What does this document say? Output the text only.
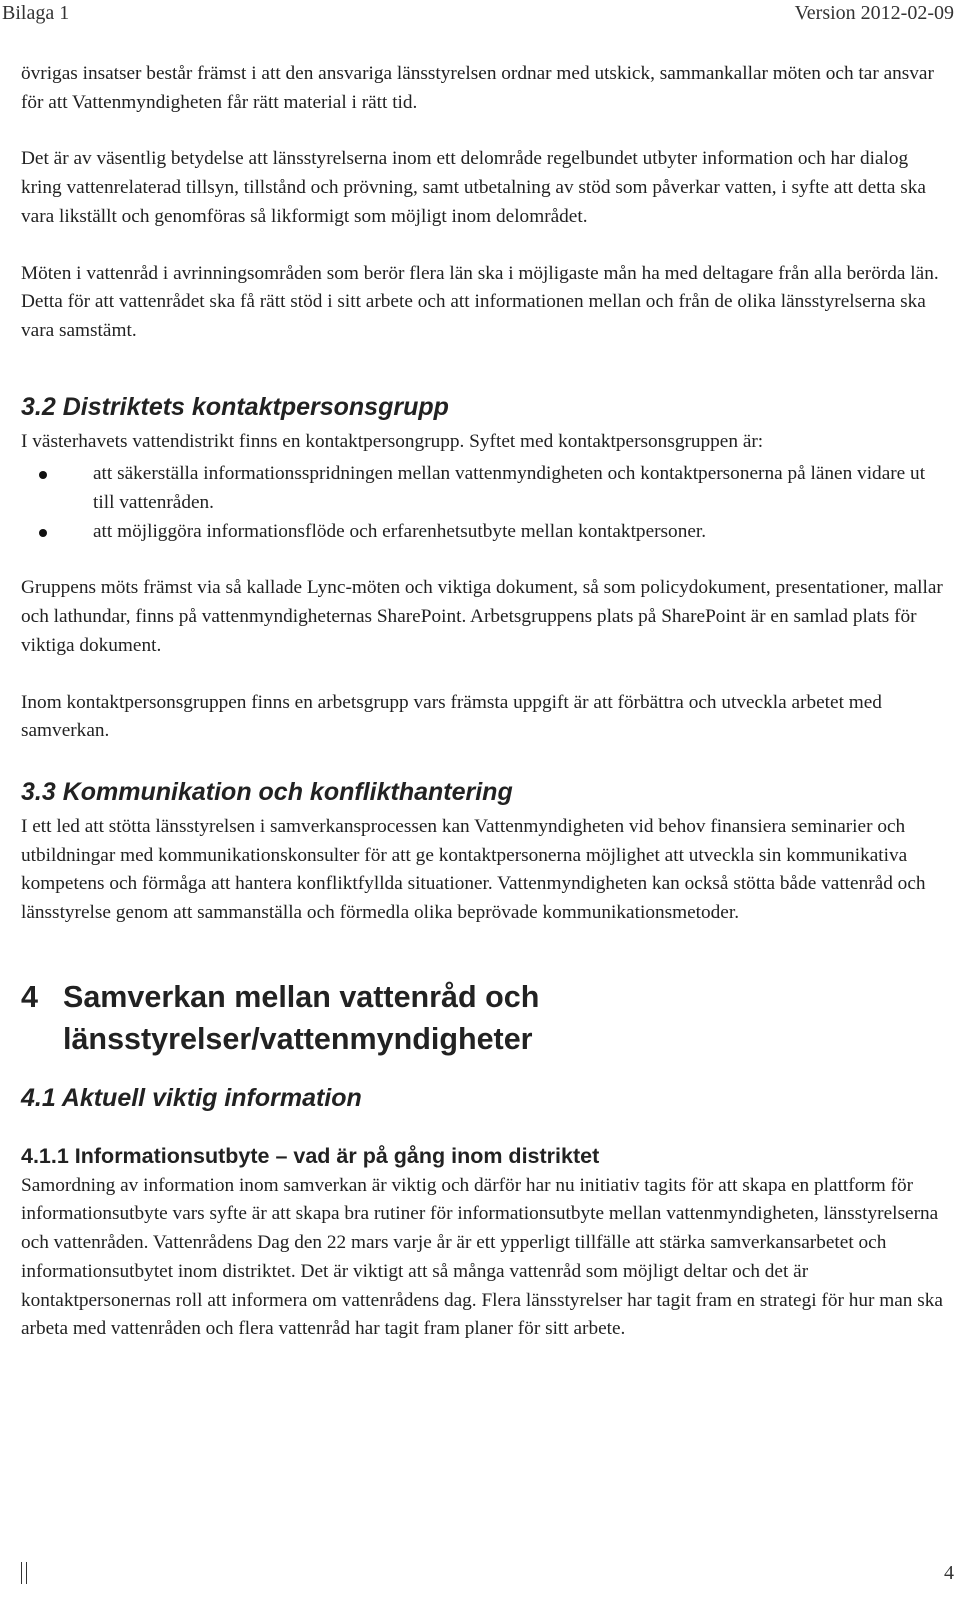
Bilaga 1	Version 2012-02-09

övrigas insatser består främst i att den ansvariga länsstyrelsen ordnar med utskick, sammankallar möten och tar ansvar för att Vattenmyndigheten får rätt material i rätt tid.

Det är av väsentlig betydelse att länsstyrelserna inom ett delområde regelbundet utbyter information och har dialog kring vattenrelaterad tillsyn, tillstånd och prövning, samt utbetalning av stöd som påverkar vatten, i syfte att detta ska vara likställt och genomföras så likformigt som möjligt inom delområdet.

Möten i vattenråd i avrinningsområden som berör flera län ska i möjligaste mån ha med deltagare från alla berörda län. Detta för att vattenrådet ska få rätt stöd i sitt arbete och att informationen mellan och från de olika länsstyrelserna ska vara samstämt.

3.2 Distriktets kontaktpersonsgrupp

I västerhavets vattendistrikt finns en kontaktpersongrupp. Syftet med kontaktpersonsgruppen är:

att säkerställa informationsspridningen mellan vattenmyndigheten och kontaktpersonerna på länen vidare ut till vattenråden.
att möjliggöra informationsflöde och erfarenhetsutbyte mellan kontaktpersoner.

Gruppens möts främst via så kallade Lync-möten och viktiga dokument, så som policydokument, presentationer, mallar och lathundar, finns på vattenmyndigheternas SharePoint. Arbetsgruppens plats på SharePoint är en samlad plats för viktiga dokument.

Inom kontaktpersonsgruppen finns en arbetsgrupp vars främsta uppgift är att förbättra och utveckla arbetet med samverkan.

3.3 Kommunikation och konflikthantering

I ett led att stötta länsstyrelsen i samverkansprocessen kan Vattenmyndigheten vid behov finansiera seminarier och utbildningar med kommunikationskonsulter för att ge kontaktpersonerna möjlighet att utveckla sin kommunikativa kompetens och förmåga att hantera konfliktfyllda situationer. Vattenmyndigheten kan också stötta både vattenråd och länsstyrelse genom att sammanställa och förmedla olika beprövade kommunikationsmetoder.

4 Samverkan mellan vattenråd och länsstyrelser/vattenmyndigheter
4.1 Aktuell viktig information
4.1.1 Informationsutbyte – vad är på gång inom distriktet

Samordning av information inom samverkan är viktig och därför har nu initiativ tagits för att skapa en plattform för informationsutbyte vars syfte är att skapa bra rutiner för informationsutbyte mellan vattenmyndigheten, länsstyrelserna och vattenråden. Vattenrådens Dag den 22 mars varje år är ett ypperligt tillfälle att stärka samverkansarbetet och informationsutbytet inom distriktet. Det är viktigt att så många vattenråd som möjligt deltar och det är kontaktpersonernas roll att informera om vattenrådens dag. Flera länsstyrelser har tagit fram en strategi för hur man ska arbeta med vattenråden och flera vattenråd har tagit fram planer för sitt arbete.

4
